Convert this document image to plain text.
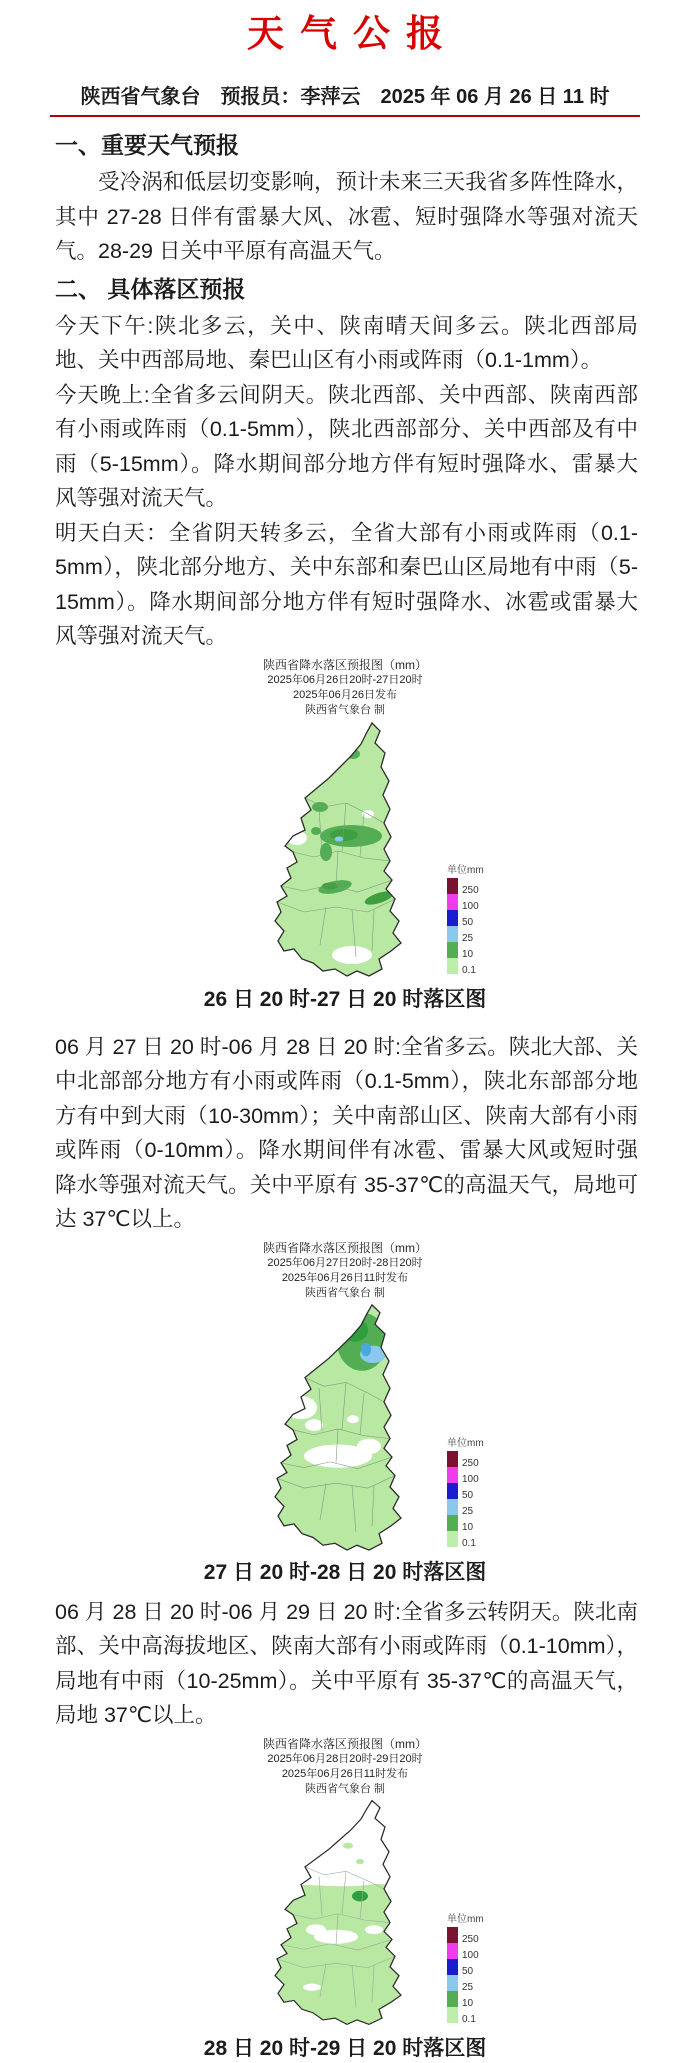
天气公报
陕西省气象台 预报员：李萍云 2025 年 06 月 26 日 11 时
一、重要天气预报

受冷涡和低层切变影响，预计未来三天我省多阵性降水，其中 27-28 日伴有雷暴大风、冰雹、短时强降水等强对流天气。28-29 日关中平原有高温天气。

二、 具体落区预报

今天下午:陕北多云，关中、陕南晴天间多云。陕北西部局地、关中西部局地、秦巴山区有小雨或阵雨（0.1-1mm）。

今天晚上:全省多云间阴天。陕北西部、关中西部、陕南西部有小雨或阵雨（0.1-5mm），陕北西部部分、关中西部及有中雨（5-15mm）。降水期间部分地方伴有短时强降水、雷暴大风等强对流天气。

明天白天：全省阴天转多云，全省大部有小雨或阵雨（0.1-5mm），陕北部分地方、关中东部和秦巴山区局地有中雨（5-15mm）。降水期间部分地方伴有短时强降水、冰雹或雷暴大风等强对流天气。

陕西省降水落区预报图（mm）
2025年06月26日20时-27日20时
2025年06月26日发布
陕西省气象台 制
单位mm
250
100
50
25
10
0.1
26 日 20 时-27 日 20 时落区图

06 月 27 日 20 时-06 月 28 日 20 时:全省多云。陕北大部、关中北部部分地方有小雨或阵雨（0.1-5mm），陕北东部部分地方有中到大雨（10-30mm）；关中南部山区、陕南大部有小雨或阵雨（0-10mm）。降水期间伴有冰雹、雷暴大风或短时强降水等强对流天气。关中平原有 35-37℃的高温天气，局地可达 37℃以上。

陕西省降水落区预报图（mm）
2025年06月27日20时-28日20时
2025年06月26日11时发布
陕西省气象台 制
单位mm
250
100
50
25
10
0.1
27 日 20 时-28 日 20 时落区图

06 月 28 日 20 时-06 月 29 日 20 时:全省多云转阴天。陕北南部、关中高海拔地区、陕南大部有小雨或阵雨（0.1-10mm），局地有中雨（10-25mm）。关中平原有 35-37℃的高温天气，局地 37℃以上。

陕西省降水落区预报图（mm）
2025年06月28日20时-29日20时
2025年06月26日11时发布
陕西省气象台 制
单位mm
250
100
50
25
10
0.1
28 日 20 时-29 日 20 时落区图
